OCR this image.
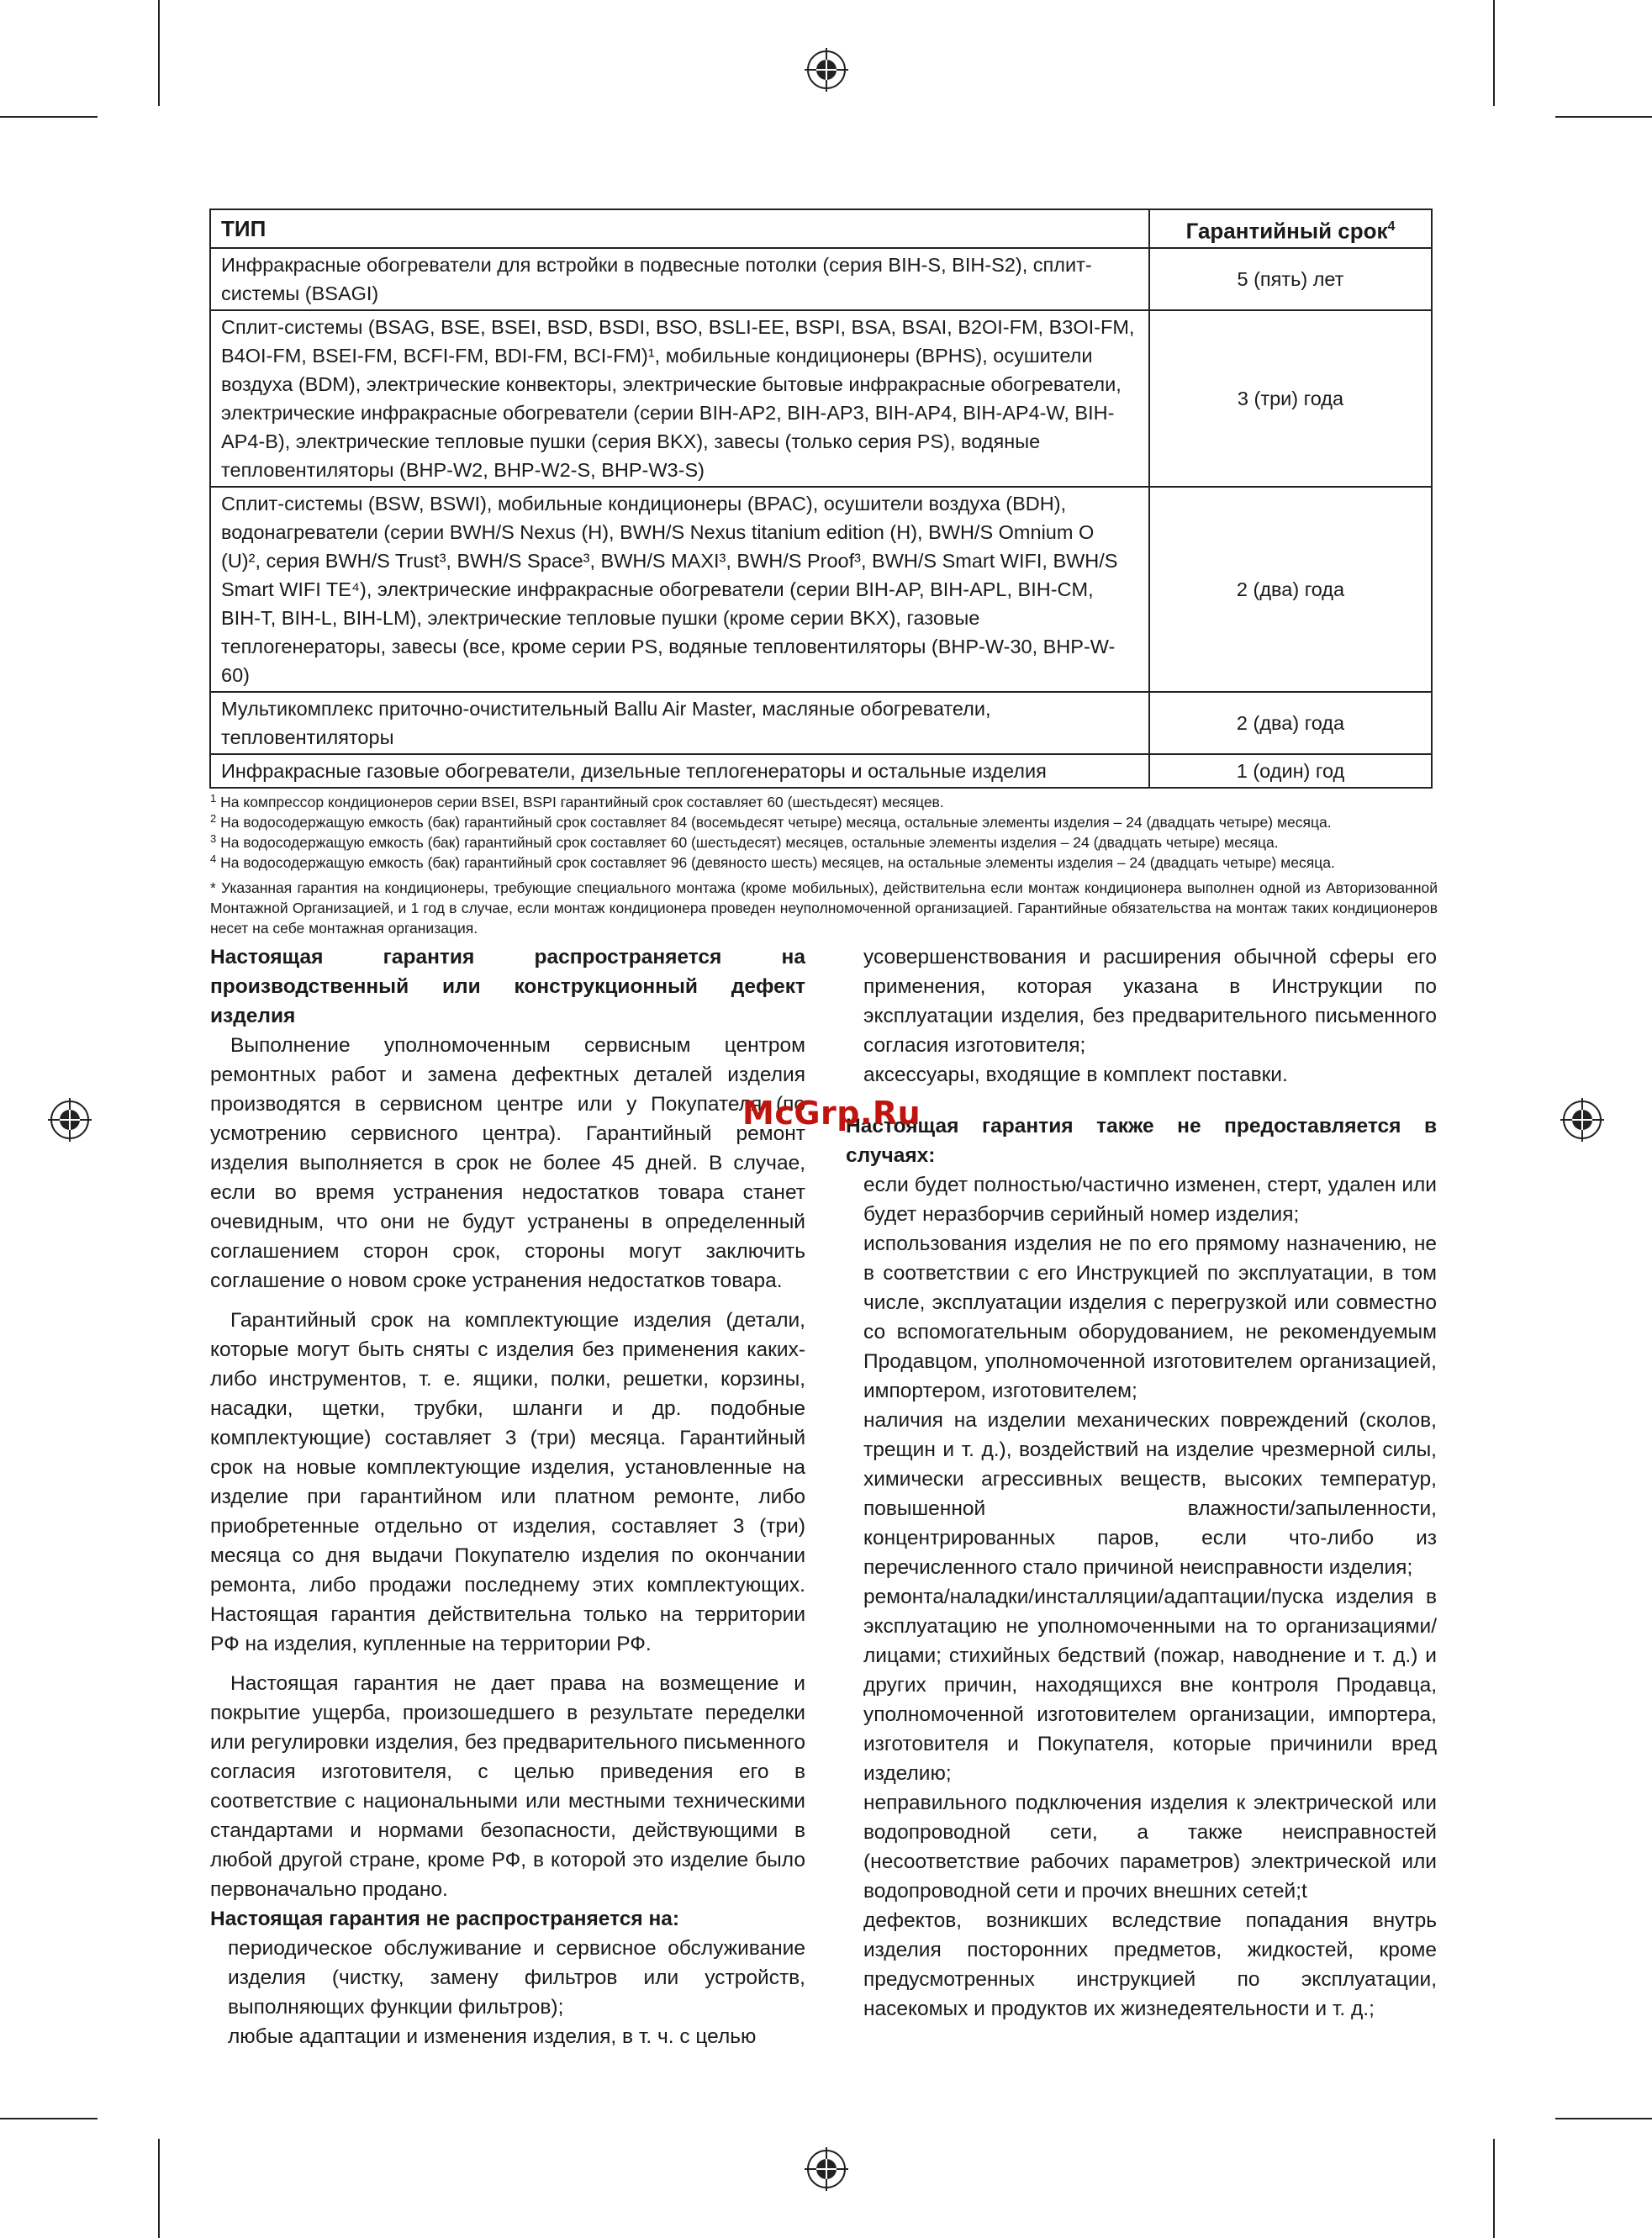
ТИП	Гарантийный срок$^4$
Инфракрасные обогреватели для встройки в подвесные потолки (серия BIH-S, BIH-S2), сплит-системы (BSAGI)	5 (пять) лет
Сплит-системы (BSAG, BSE, BSEI, BSD, BSDI, BSO, BSLI-EE, BSPI, BSA, BSAI, B2OI-FM, B3OI-FM, B4OI-FM, BSEI-FM, BCFI-FM, BDI-FM, BCI-FM)¹, мобильные кондиционеры (BPHS), осушители воздуха (BDM), электрические конвекторы, электрические бытовые инфракрасные обогреватели, электрические инфракрасные обогреватели (серии BIH-AP2, BIH-AP3, BIH-AP4, BIH-AP4-W, BIH-AP4-B), электрические тепловые пушки (серия BKX), завесы (только серия PS), водяные тепловентиляторы (BHP-W2, BHP-W2-S, BHP-W3-S)	3 (три) года
Сплит-системы (BSW, BSWI), мобильные кондиционеры (BPAC), осушители воздуха (BDH), водонагреватели (серии BWH/S Nexus (H), BWH/S Nexus titanium edition (H), BWH/S Omnium O (U)², серия BWH/S Trust³, BWH/S Space³, BWH/S MAXI³, BWH/S Proof³, BWH/S Smart WIFI, BWH/S Smart WIFI TE⁴), электрические инфракрасные обогреватели (серии BIH-AP, BIH-APL, BIH-CM, BIH-T, BIH-L, BIH-LM), электрические тепловые пушки (кроме серии BKX), газовые теплогенераторы, завесы (все, кроме серии PS, водяные тепловентиляторы (BHP-W-30, BHP-W-60)	2 (два) года
Мультикомплекс приточно-очистительный Ballu Air Master, масляные обогреватели, тепловентиляторы	2 (два) года
Инфракрасные газовые обогреватели, дизельные теплогенераторы и остальные изделия	1 (один) год

$^1$ На компрессор кондиционеров серии BSEI, BSPI гарантийный срок составляет 60 (шестьдесят) месяцев.

$^2$ На водосодержащую емкость (бак) гарантийный срок составляет 84 (восемьдесят четыре) месяца, остальные элементы изделия – 24 (двадцать четыре) месяца.

$^3$ На водосодержащую емкость (бак) гарантийный срок составляет 60 (шестьдесят) месяцев, остальные элементы изделия – 24 (двадцать четыре) месяца.

$^4$ На водосодержащую емкость (бак) гарантийный срок составляет 96 (девяносто шесть) месяцев, на остальные элементы изделия – 24 (двадцать четыре) месяца.

* Указанная гарантия на кондиционеры, требующие специального монтажа (кроме мобильных), действительна если монтаж кондиционера выполнен одной из Авторизованной Монтажной Организацией, и 1 год в случае, если монтаж кондиционера проведен неуполномоченной организацией. Гарантийные обязательства на монтаж таких кондиционеров несет на себе монтажная организация.

Настоящая гарантия распространяется на производственный или конструкционный дефект изделия

Выполнение уполномоченным сервисным центром ремонтных работ и замена дефектных деталей изделия производятся в сервисном центре или у Покупателя (по усмотрению сервисного центра). Гарантийный ремонт изделия выполняется в срок не более 45 дней. В случае, если во время устранения недостатков товара станет очевидным, что они не будут устранены в определенный соглашением сторон срок, стороны могут заключить соглашение о новом сроке устранения недостатков товара.

Гарантийный срок на комплектующие изделия (детали, которые могут быть сняты с изделия без применения каких-либо инструментов, т. е. ящики, полки, решетки, корзины, насадки, щетки, трубки, шланги и др. подобные комплектующие) составляет 3 (три) месяца. Гарантийный срок на новые комплектующие изделия, установленные на изделие при гарантийном или платном ремонте, либо приобретенные отдельно от изделия, составляет 3 (три) месяца со дня выдачи Покупателю изделия по окончании ремонта, либо продажи последнему этих комплектующих. Настоящая гарантия действительна только на территории РФ на изделия, купленные на территории РФ.

Настоящая гарантия не дает права на возмещение и покрытие ущерба, произошедшего в результате переделки или регулировки изделия, без предварительного письменного согласия изготовителя, с целью приведения его в соответствие с национальными или местными техническими стандартами и нормами безопасности, действующими в любой другой стране, кроме РФ, в которой это изделие было первоначально продано.

Настоящая гарантия не распространяется на:

периодическое обслуживание и сервисное обслуживание изделия (чистку, замену фильтров или устройств, выполняющих функции фильтров);

любые адаптации и изменения изделия, в т. ч. с целью

усовершенствования и расширения обычной сферы его применения, которая указана в Инструкции по эксплуатации изделия, без предварительного письменного согласия изготовителя;

аксессуары, входящие в комплект поставки.

Настоящая гарантия также не предоставляется в случаях:

если будет полностью/частично изменен, стерт, удален или будет неразборчив серийный номер изделия;

использования изделия не по его прямому назначению, не в соответствии с его Инструкцией по эксплуатации, в том числе, эксплуатации изделия с перегрузкой или совместно со вспомогательным оборудованием, не рекомендуемым Продавцом, уполномоченной изготовителем организацией, импортером, изготовителем;

наличия на изделии механических повреждений (сколов, трещин и т. д.), воздействий на изделие чрезмерной силы, химически агрессивных веществ, высоких температур, повышенной влажности/запыленности, концентрированных паров, если что-либо из перечисленного стало причиной неисправности изделия;

ремонта/наладки/инсталляции/адаптации/пуска изделия в эксплуатацию не уполномоченными на то организациями/лицами; стихийных бедствий (пожар, наводнение и т. д.) и других причин, находящихся вне контроля Продавца, уполномоченной изготовителем организации, импортера, изготовителя и Покупателя, которые причинили вред изделию;

неправильного подключения изделия к электрической или водопроводной сети, а также неисправностей (несоответствие рабочих параметров) электрической или водопроводной сети и прочих внешних сетей;t

дефектов, возникших вследствие попадания внутрь изделия посторонних предметов, жидкостей, кроме предусмотренных инструкцией по эксплуатации, насекомых и продуктов их жизнедеятельности и т. д.;

McGrp.Ru
